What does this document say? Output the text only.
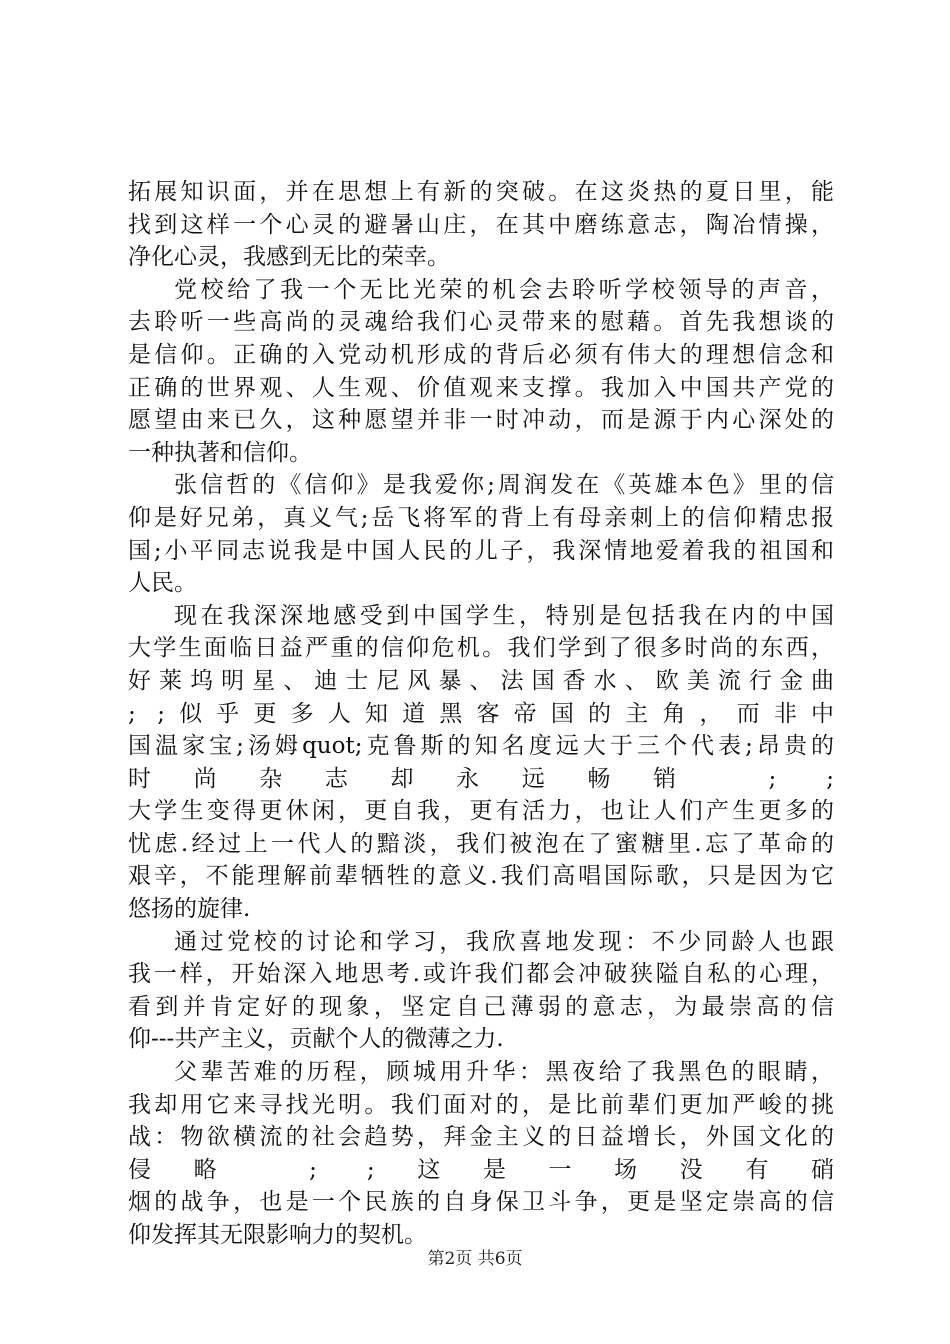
拓展知识面，并在思想上有新的突破。在这炎热的夏日里，能
找到这样一个心灵的避暑山庄，在其中磨练意志，陶冶情操，
净化心灵，我感到无比的荣幸。
党校给了我一个无比光荣的机会去聆听学校领导的声音，
去聆听一些高尚的灵魂给我们心灵带来的慰藉。首先我想谈的
是信仰。正确的入党动机形成的背后必须有伟大的理想信念和
正确的世界观、人生观、价值观来支撑。我加入中国共产党的
愿望由来已久，这种愿望并非一时冲动，而是源于内心深处的
一种执著和信仰。
张信哲的《信仰》是我爱你;周润发在《英雄本色》里的信
仰是好兄弟，真义气;岳飞将军的背上有母亲刺上的信仰精忠报
国;小平同志说我是中国人民的儿子，我深情地爱着我的祖国和
人民。
现在我深深地感受到中国学生，特别是包括我在内的中国
大学生面临日益严重的信仰危机。我们学到了很多时尚的东西，
好莱坞明星、迪士尼风暴、法国香水、欧美流行金曲
; ;似乎更多人知道黑客帝国的主角，而非中
国温家宝;汤姆quot;克鲁斯的知名度远大于三个代表;昂贵的
时尚杂志却永远畅销 ; ;
大学生变得更休闲，更自我，更有活力，也让人们产生更多的
忧虑.经过上一代人的黯淡，我们被泡在了蜜糖里.忘了革命的
艰辛，不能理解前辈牺牲的意义.我们高唱国际歌，只是因为它
悠扬的旋律.
通过党校的讨论和学习，我欣喜地发现：不少同龄人也跟
我一样，开始深入地思考.或许我们都会冲破狭隘自私的心理，
看到并肯定好的现象，坚定自己薄弱的意志，为最崇高的信
仰---共产主义，贡献个人的微薄之力.
父辈苦难的历程，顾城用升华：黑夜给了我黑色的眼睛，
我却用它来寻找光明。我们面对的，是比前辈们更加严峻的挑
战：物欲横流的社会趋势，拜金主义的日益增长，外国文化的
侵略 ; ;这是一场没有硝
烟的战争，也是一个民族的自身保卫斗争，更是坚定崇高的信
仰发挥其无限影响力的契机。
第2页 共6页
